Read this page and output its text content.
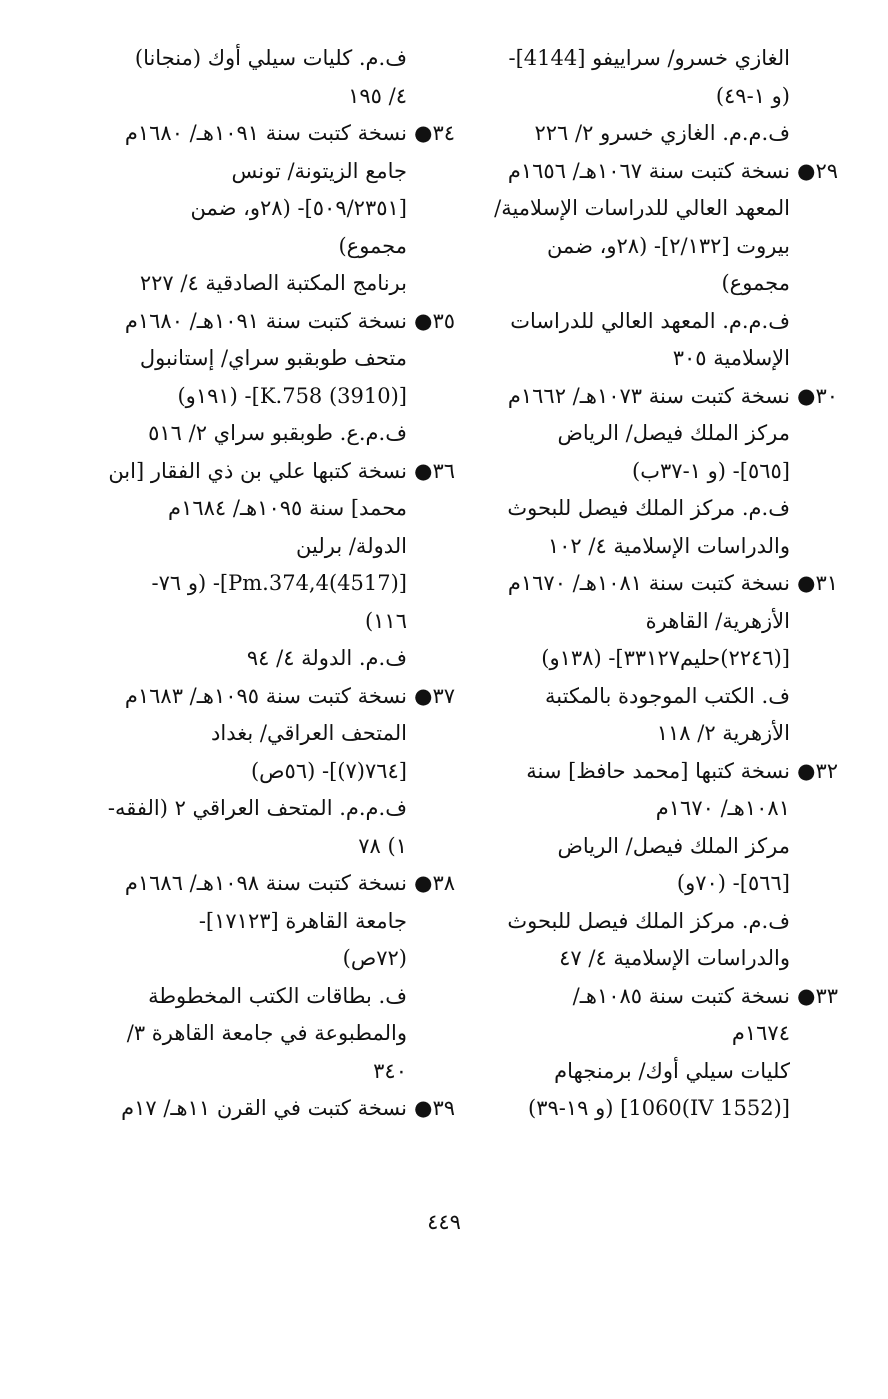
الغازي خسرو/ سراييفو [4144]-
(و ١-٤٩)
ف.م.م. الغازي خسرو ٢/ ٢٢٦
٢٩●
نسخة كتبت سنة ١٠٦٧هـ/ ١٦٥٦م
المعهد العالي للدراسات الإسلامية/
بيروت [٢/١٣٢]- (٢٨و، ضمن
مجموع)
ف.م.م. المعهد العالي للدراسات
الإسلامية ٣٠٥
٣٠●
نسخة كتبت سنة ١٠٧٣هـ/ ١٦٦٢م
مركز الملك فيصل/ الرياض
[٥٦٥]- (و ١-٣٧ب)
ف.م. مركز الملك فيصل للبحوث
والدراسات الإسلامية ٤/ ١٠٢
٣١●
نسخة كتبت سنة ١٠٨١هـ/ ١٦٧٠م
الأزهرية/ القاهرة
[(٢٢٤٦)حليم٣٣١٢٧]- (١٣٨و)
ف. الكتب الموجودة بالمكتبة
الأزهرية ٢/ ١١٨
٣٢●
نسخة كتبها [محمد حافظ] سنة
١٠٨١هـ/ ١٦٧٠م
مركز الملك فيصل/ الرياض
[٥٦٦]- (٧٠و)
ف.م. مركز الملك فيصل للبحوث
والدراسات الإسلامية ٤/ ٤٧
٣٣●
نسخة كتبت سنة ١٠٨٥هـ/
١٦٧٤م
كليات سيلي أوك/ برمنجهام
[(1552 IV)1060] (و ١٩-٣٩)
ف.م. كليات سيلي أوك (منجانا)
٤/ ١٩٥
٣٤●
نسخة كتبت سنة ١٠٩١هـ/ ١٦٨٠م
جامع الزيتونة/ تونس
[٥٠٩/٢٣٥١]- (٢٨و، ضمن
مجموع)
برنامج المكتبة الصادقية ٤/ ٢٢٧
٣٥●
نسخة كتبت سنة ١٠٩١هـ/ ١٦٨٠م
متحف طوبقبو سراي/ إستانبول
[K.758 (3910)]- (١٩١و)
ف.م.ع. طوبقبو سراي ٢/ ٥١٦
٣٦●
نسخة كتبها علي بن ذي الفقار [ابن
محمد] سنة ١٠٩٥هـ/ ١٦٨٤م
الدولة/ برلين
[Pm.374,4(4517)]- (و ٧٦-
١١٦)
ف.م. الدولة ٤/ ٩٤
٣٧●
نسخة كتبت سنة ١٠٩٥هـ/ ١٦٨٣م
المتحف العراقي/ بغداد
[٧٦٤(٧)]- (٥٦ص)
ف.م.م. المتحف العراقي ٢ (الفقه-
١) ٧٨
٣٨●
نسخة كتبت سنة ١٠٩٨هـ/ ١٦٨٦م
جامعة القاهرة [١٧١٢٣]-
(٧٢ص)
ف. بطاقات الكتب المخطوطة
والمطبوعة في جامعة القاهرة ٣/
٣٤٠
٣٩●
نسخة كتبت في القرن ١١هـ/ ١٧م
٤٤٩
